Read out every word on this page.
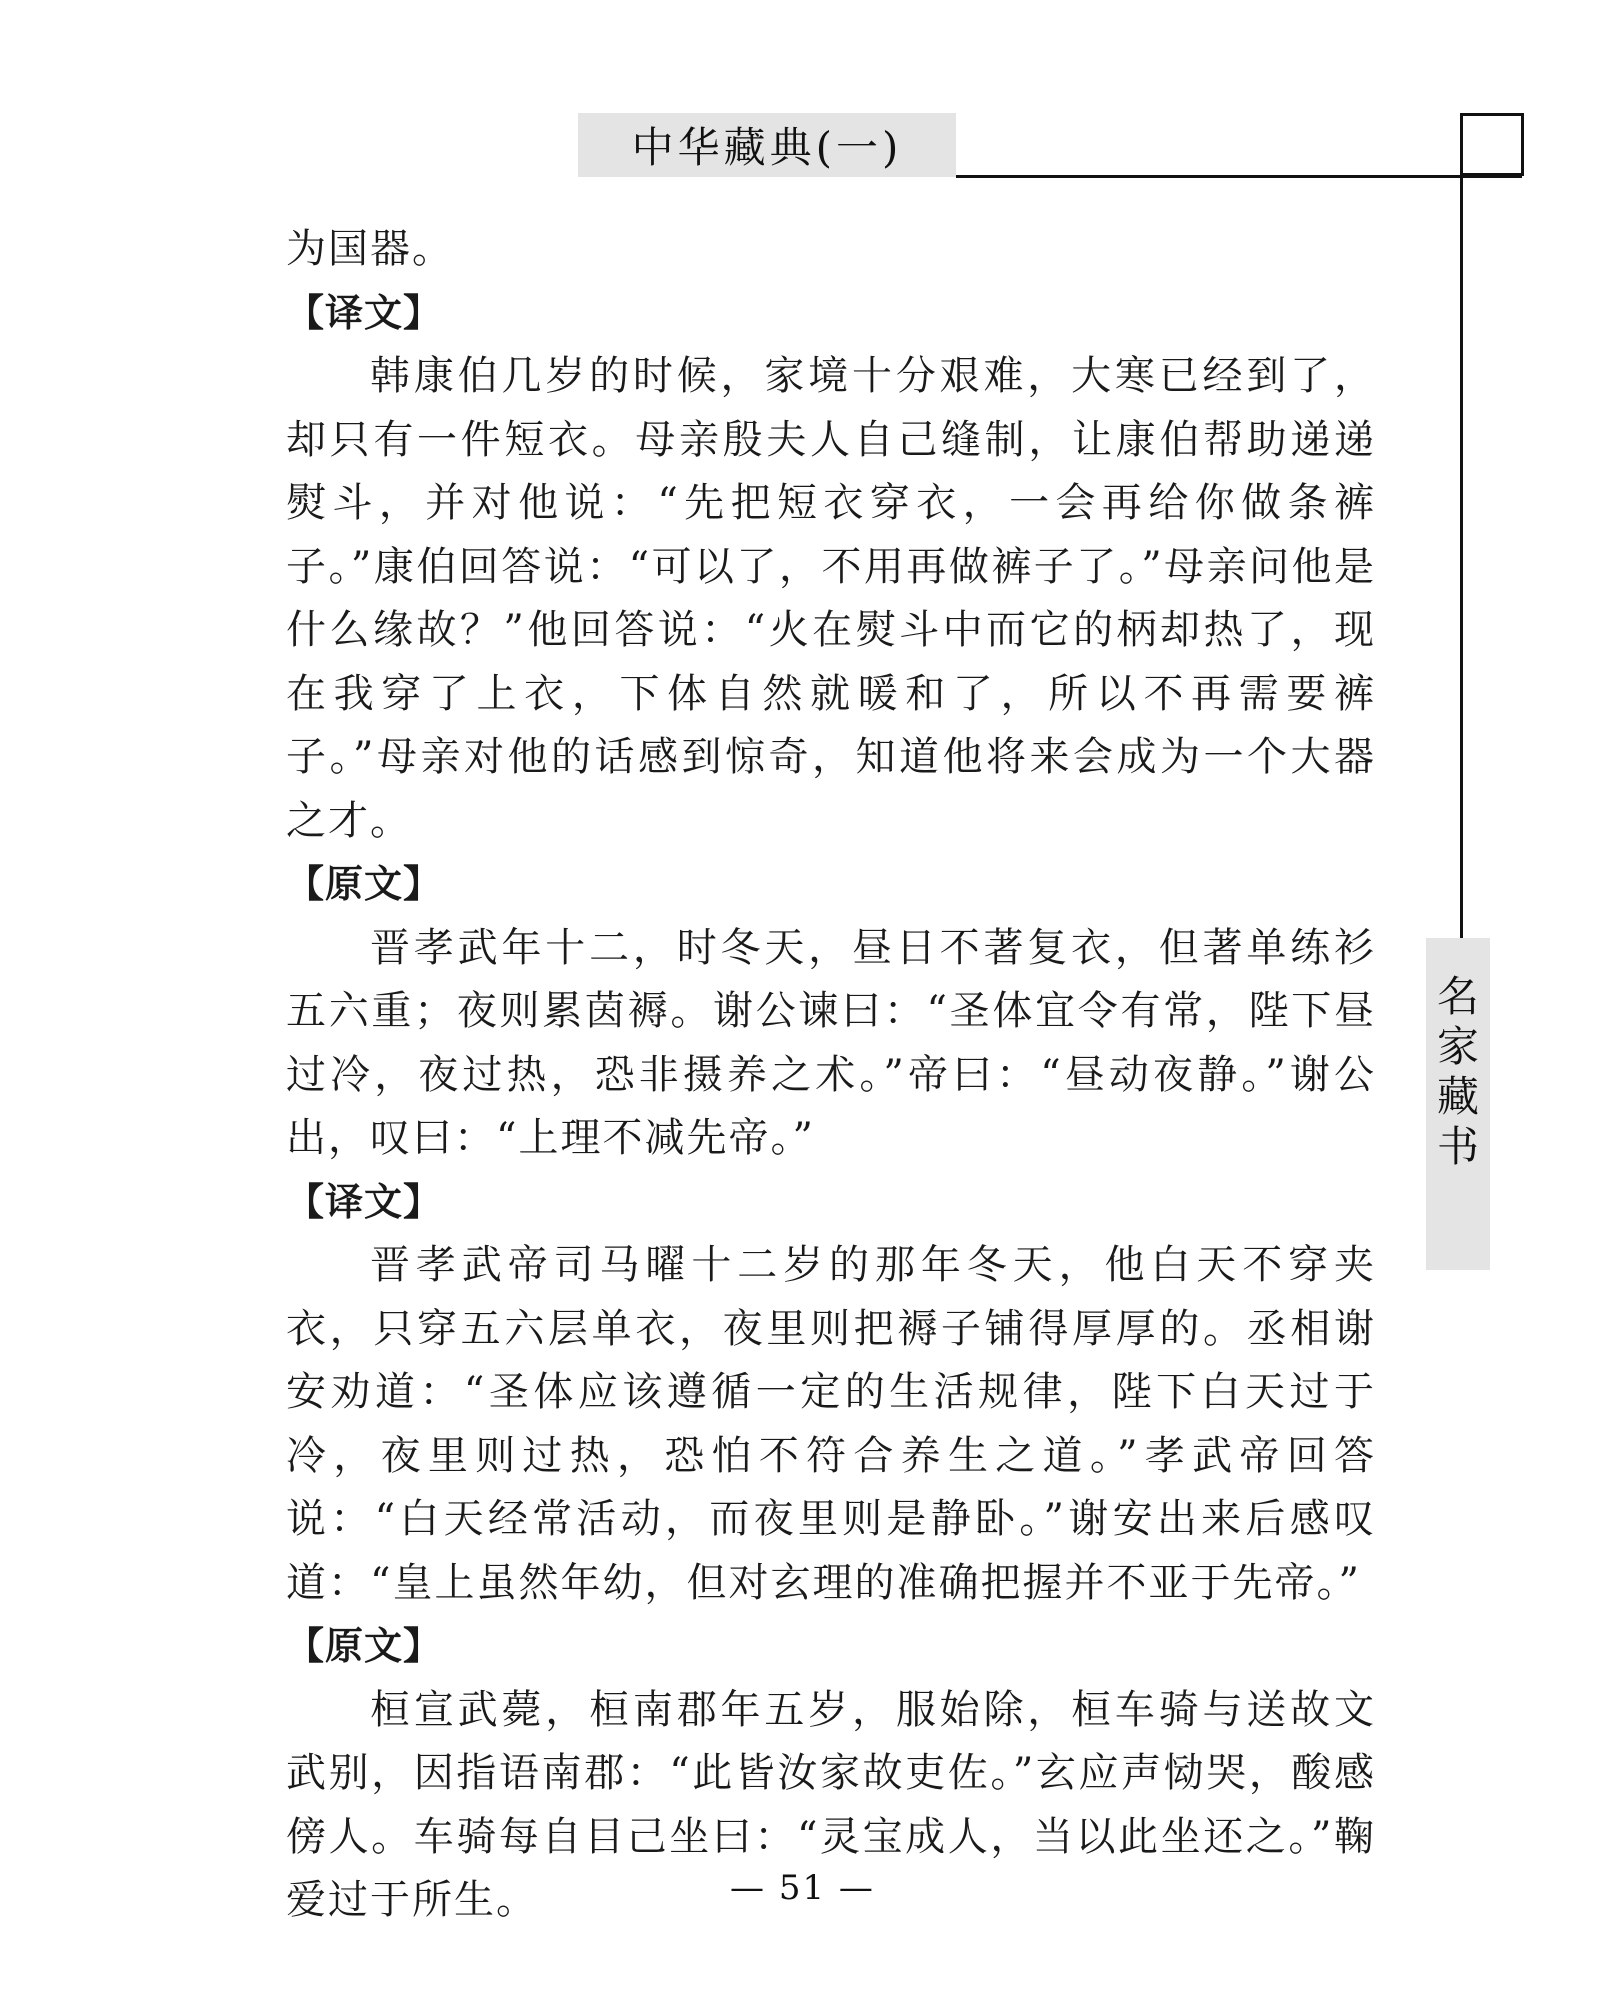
中华藏典(一)
名
家
藏
书

为国器。

【译文】

韩康伯几岁的时候，家境十分艰难，大寒已经到了，却只有一件短衣。母亲殷夫人自己缝制，让康伯帮助递递熨斗，并对他说：“先把短衣穿衣，一会再给你做条裤子。”康伯回答说：“可以了，不用再做裤子了。”母亲问他是什么缘故？”他回答说：“火在熨斗中而它的柄却热了，现在我穿了上衣，下体自然就暖和了，所以不再需要裤子。”母亲对他的话感到惊奇，知道他将来会成为一个大器之才。

【原文】

晋孝武年十二，时冬天，昼日不著复衣，但著单练衫五六重；夜则累茵褥。谢公谏曰：“圣体宜令有常，陛下昼过冷，夜过热，恐非摄养之术。”帝曰：“昼动夜静。”谢公出，叹曰：“上理不减先帝。”

【译文】

晋孝武帝司马曜十二岁的那年冬天，他白天不穿夹衣，只穿五六层单衣，夜里则把褥子铺得厚厚的。丞相谢安劝道：“圣体应该遵循一定的生活规律，陛下白天过于冷，夜里则过热，恐怕不符合养生之道。”孝武帝回答说：“白天经常活动，而夜里则是静卧。”谢安出来后感叹道：“皇上虽然年幼，但对玄理的准确把握并不亚于先帝。”

【原文】

桓宣武薨，桓南郡年五岁，服始除，桓车骑与送故文武别，因指语南郡：“此皆汝家故吏佐。”玄应声恸哭，酸感傍人。车骑每自目己坐曰：“灵宝成人，当以此坐还之。”鞠爱过于所生。	— 51 —
